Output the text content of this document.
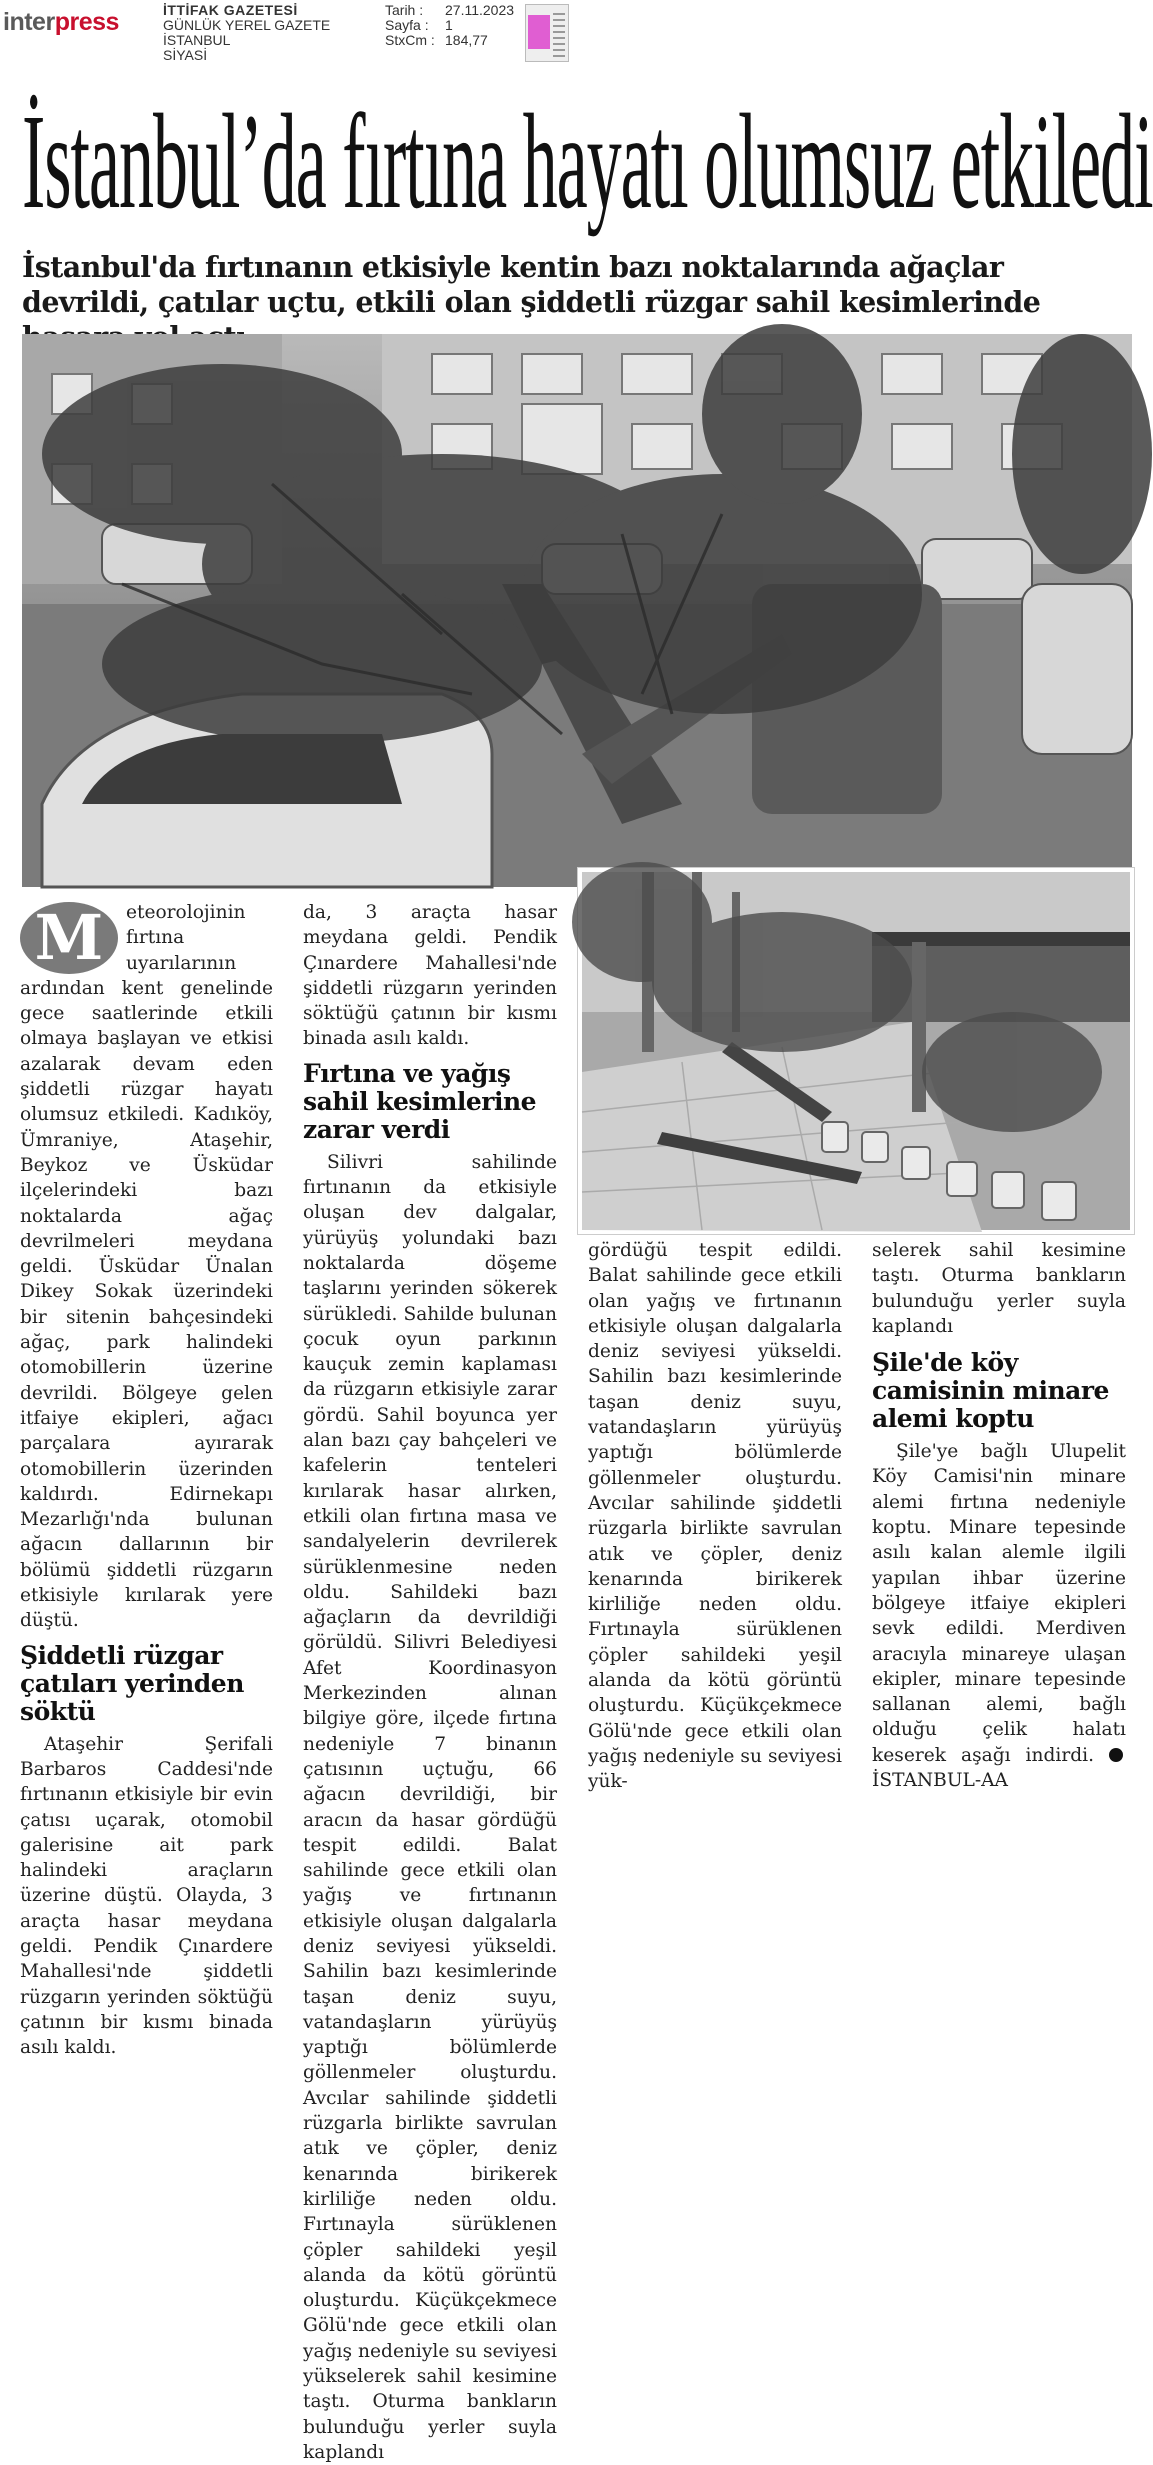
interpress	İTTİFAK GAZETESİ
GÜNLÜK YEREL GAZETE
İSTANBUL
SİYASİ
Tarih :	27.11.2023
Sayfa :	1
StxCm : 184,77
İstanbul’da fırtına hayatı olumsuz etkiledi
İstanbul'da fırtınanın etkisiyle kentin bazı noktalarında ağaçlar devrildi, çatılar uçtu, etkili olan şiddetli rüzgar sahil kesimlerinde
M	eteorolojinin fırtına uyarılarının ardından kent genelinde gece saatlerinde etkili olmaya başlayan ve etkisi azalarak devam eden şiddetli rüzgar hayatı olumsuz etkiledi. Kadıköy, Ümraniye, Ataşehir, Beykoz ve Üsküdar ilçelerindeki bazı noktalarda ağaç devrilmeleri meydana geldi. Üsküdar Ünalan Dikey Sokak üzerindeki bir sitenin bahçesindeki ağaç, park halindeki otomobillerin üzerine devrildi. Bölgeye gelen itfaiye ekipleri, ağacı parçalara ayırarak otomobillerin üzerinden kaldırdı. Edirnekapı Mezarlığı'nda bulunan ağacın dallarının bir bölümü şiddetli rüzgarın etkisiyle kırılarak yere düştü.

Şiddetli rüzgar çatıları yerinden söktü

Ataşehir Şerifali Barbaros Caddesi'nde fırtınanın etkisiyle bir evin çatısı uçarak, otomobil galerisine ait park halindeki araçların üzerine düştü. Olayda, 3 araçta hasar meydana geldi. Pendik Çınardere Mahallesi'nde şiddetli rüzgarın yerinden söktüğü çatının bir kısmı binada asılı kaldı.

da, 3 araçta hasar meydana geldi. Pendik Çınardere Mahallesi'nde şiddetli rüzgarın yerinden söktüğü çatının bir kısmı binada asılı kaldı.

Fırtına ve yağış sahil kesimlerine zarar verdi

Silivri sahilinde fırtınanın da etkisiyle oluşan dev dalgalar, yürüyüş yolundaki bazı noktalarda döşeme taşlarını yerinden sökerek sürükledi. Sahilde bulunan çocuk oyun parkının kauçuk zemin kaplaması da rüzgarın etkisiyle zarar gördü. Sahil boyunca yer alan bazı çay bahçeleri ve kafelerin tenteleri kırılarak hasar alırken, etkili olan fırtına masa ve sandalyelerin devrilerek sürüklenmesine neden oldu. Sahildeki bazı ağaçların da devrildiği görüldü. Silivri Belediyesi Afet Koordinasyon Merkezinden alınan bilgiye göre, ilçede fırtına nedeniyle 7 binanın çatısının uçtuğu, 66 ağacın devrildiği, bir aracın da hasar gördüğü tespit edildi. Balat sahilinde gece etkili olan yağış ve fırtınanın etkisiyle oluşan dalgalarla deniz seviyesi yükseldi. Sahilin bazı kesimlerinde taşan deniz suyu, vatandaşların yürüyüş yaptığı bölümlerde göllenmeler oluşturdu. Avcılar sahilinde şiddetli rüzgarla birlikte savrulan atık ve çöpler, deniz kenarında birikerek kirliliğe neden oldu. Fırtınayla sürüklenen çöpler sahildeki yeşil alanda da kötü görüntü oluşturdu. Küçükçekmece Gölü'nde gece etkili olan yağış nedeniyle su seviyesi yükselerek sahil kesimine taştı. Oturma bankların bulunduğu yerler suyla kaplandı

gördüğü tespit edildi. Balat sahilinde gece etkili olan yağış ve fırtınanın etkisiyle oluşan dalgalarla deniz seviyesi yükseldi. Sahilin bazı kesimlerinde taşan deniz suyu, vatandaşların yürüyüş yaptığı bölümlerde göllenmeler oluşturdu. Avcılar sahilinde şiddetli rüzgarla birlikte savrulan atık ve çöpler, deniz kenarında birikerek kirliliğe neden oldu. Fırtınayla sürüklenen çöpler sahildeki yeşil alanda da kötü görüntü oluşturdu. Küçükçekmece Gölü'nde gece etkili olan yağış nedeniyle su seviyesi yük-

selerek sahil kesimine taştı. Oturma bankların bulunduğu yerler suyla kaplandı

Şile'de köy camisinin minare alemi koptu

Şile'ye bağlı Ulupelit Köy Camisi'nin minare alemi fırtına nedeniyle koptu. Minare tepesinde asılı kalan alemle ilgili yapılan ihbar üzerine bölgeye itfaiye ekipleri sevk edildi. Merdiven aracıyla minareye ulaşan ekipler, minare tepesinde sallanan alemi, bağlı olduğu çelik halatı keserek aşağı indirdi. İSTANBUL-AA
